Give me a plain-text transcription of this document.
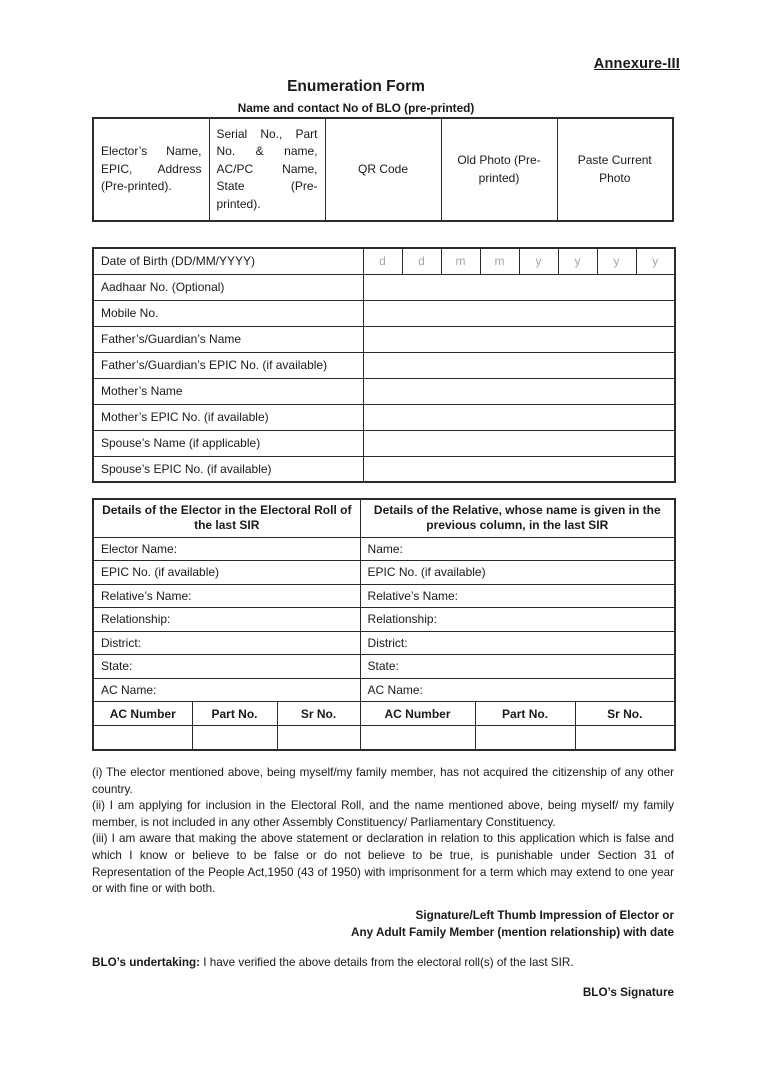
Annexure-III
Enumeration Form
Name and contact No of BLO (pre-printed)
Elector’s Name, EPIC, Address (Pre-printed).	Serial No., Part No. & name, AC/PC Name, State (Pre-printed).	QR Code	Old Photo (Pre-printed)	Paste Current Photo
Date of Birth (DD/MM/YYYY)	d	d	m	m	y	y	y	y
Aadhaar No. (Optional)								
Mobile No.								
Father’s/Guardian’s Name								
Father’s/Guardian’s EPIC No. (if available)								
Mother’s Name								
Mother’s EPIC No. (if available)								
Spouse’s Name (if applicable)								
Spouse’s EPIC No. (if available)								
Details of the Elector in the Electoral Roll of the last SIR			Details of the Relative, whose name is given in the previous column, in the last SIR		
Elector Name:			Name:		
EPIC No. (if available)			EPIC No. (if available)		
Relative’s Name:			Relative’s Name:		
Relationship:			Relationship:		
District:			District:		
State:			State:		
AC Name:			AC Name:		
AC Number	Part No.	Sr No.	AC Number	Part No.	Sr No.

(i) The elector mentioned above, being myself/my family member, has not acquired the citizenship of any other country.

(ii) I am applying for inclusion in the Electoral Roll, and the name mentioned above, being myself/ my family member, is not included in any other Assembly Constituency/ Parliamentary Constituency.

(iii) I am aware that making the above statement or declaration in relation to this application which is false and which I know or believe to be false or do not believe to be true, is punishable under Section 31 of Representation of the People Act,1950 (43 of 1950) with imprisonment for a term which may extend to one year or with fine or with both.

Signature/Left Thumb Impression of Elector or
Any Adult Family Member (mention relationship) with date
BLO’s undertaking: I have verified the above details from the electoral roll(s) of the last SIR.
BLO’s Signature
